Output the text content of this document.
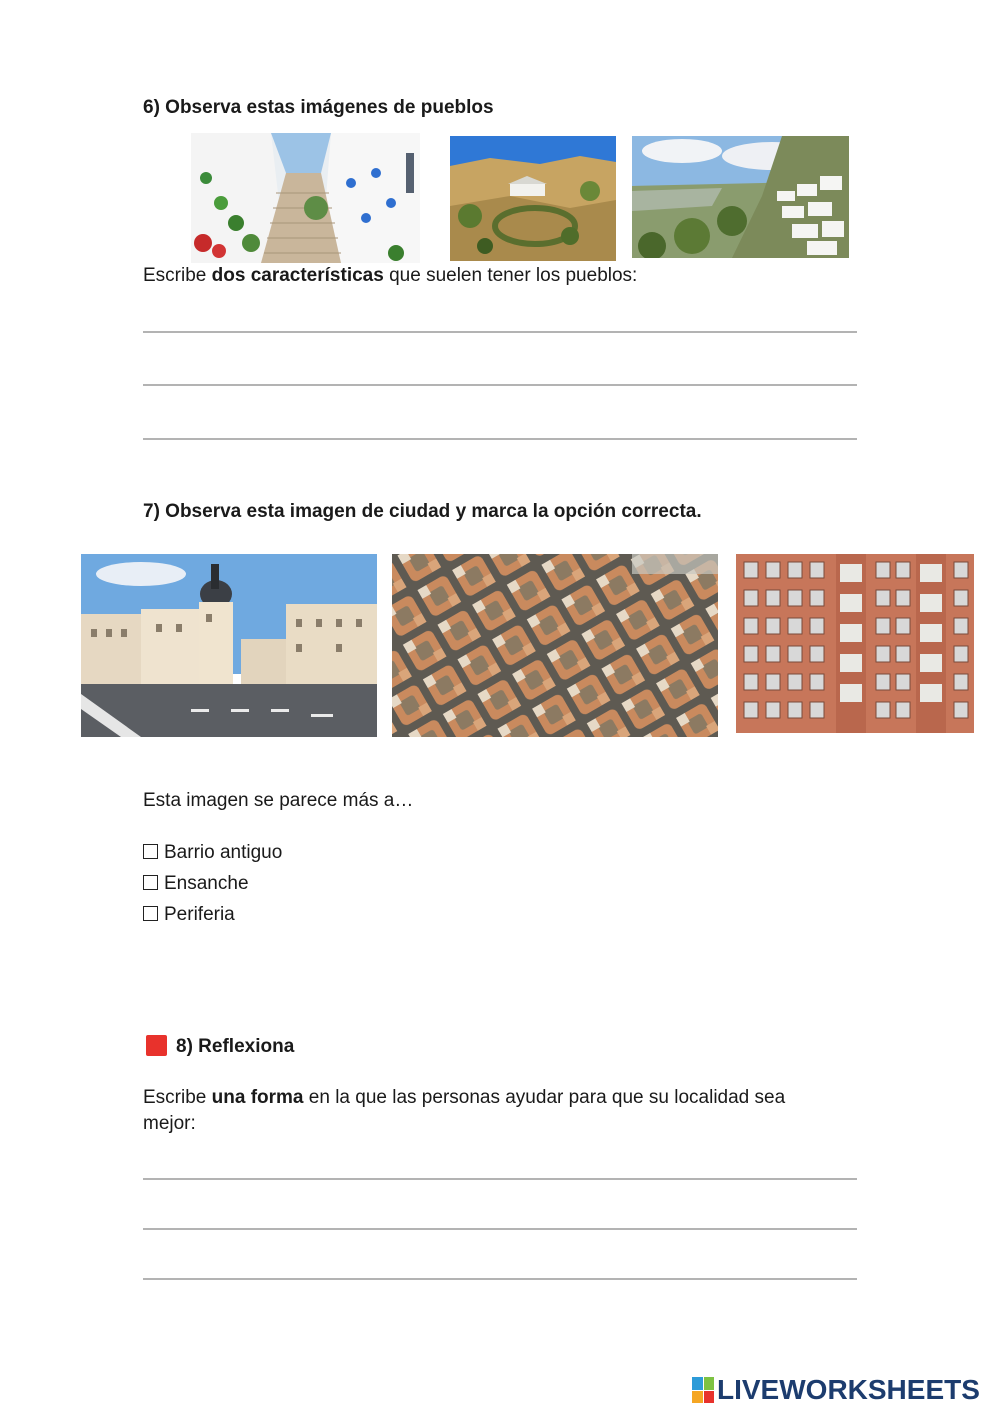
6) Observa estas imágenes de pueblos
Escribe dos características que suelen tener los pueblos:
7) Observa esta imagen de ciudad y marca la opción correcta.
Esta imagen se parece más a…
Barrio antiguo
Ensanche
Periferia
8) Reflexiona
Escribe una forma en la que las personas ayudar para que su localidad sea
mejor:
LIVEWORKSHEETS
